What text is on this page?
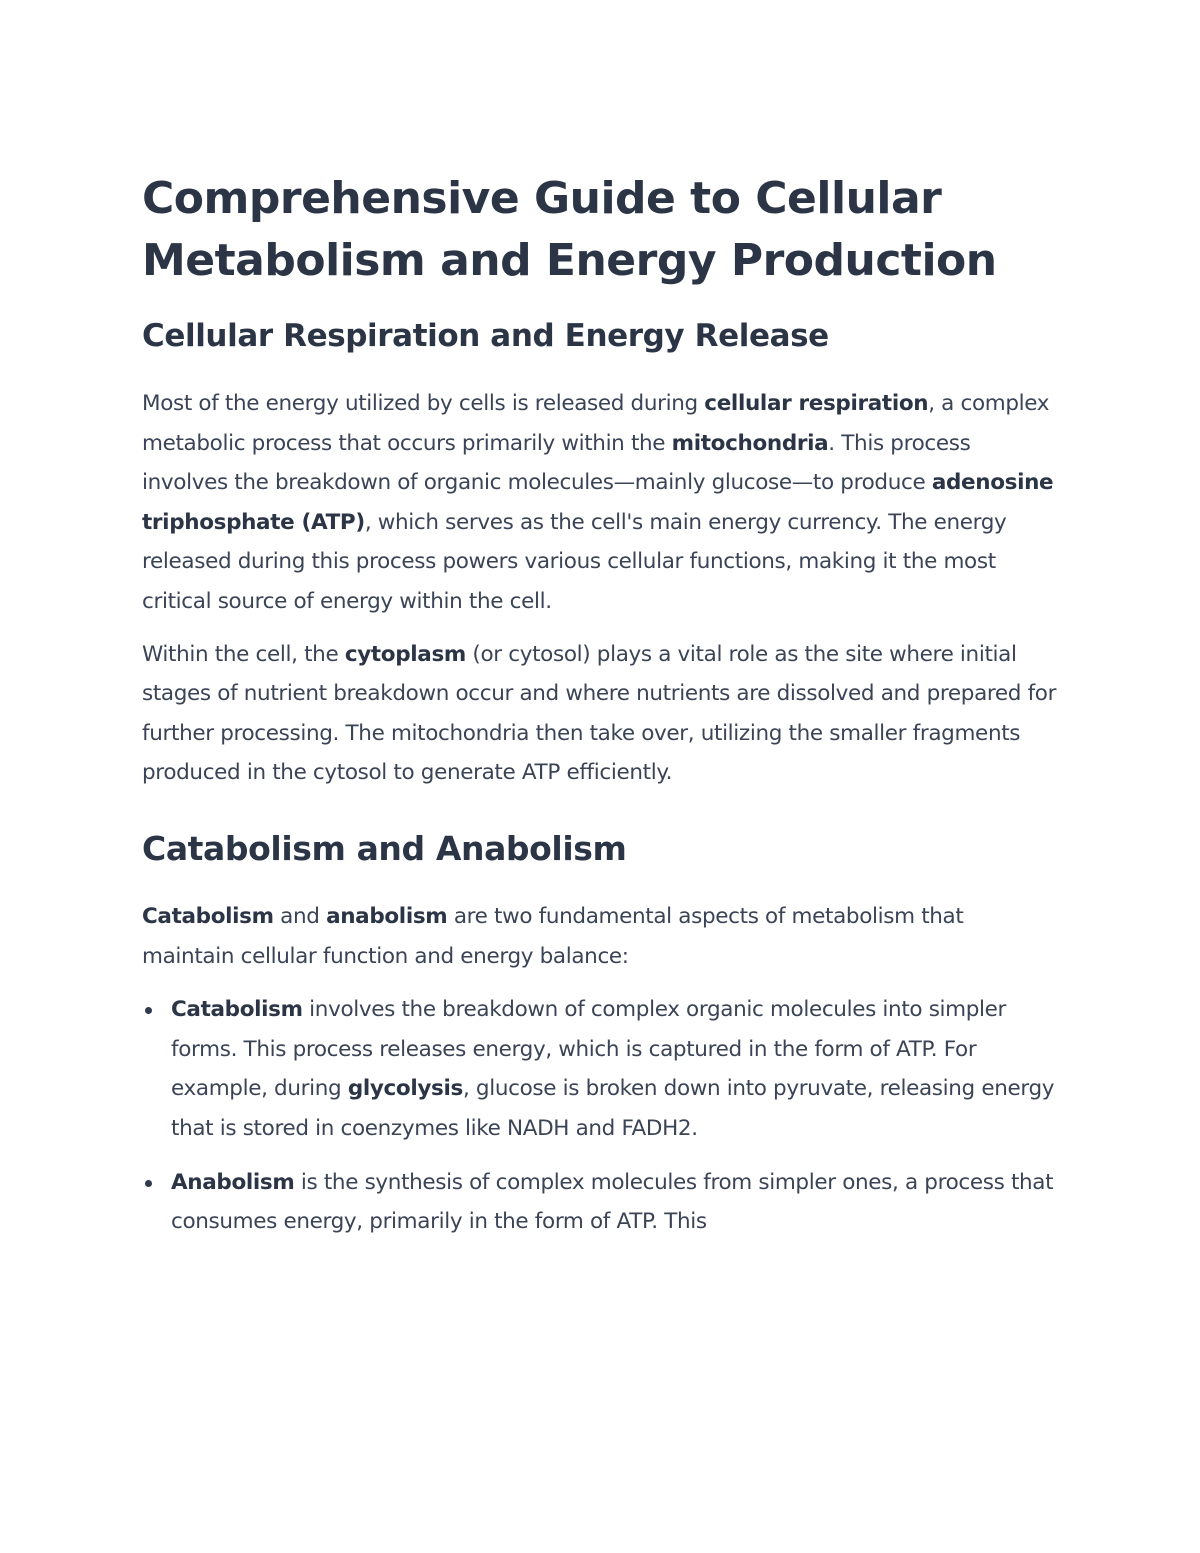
Comprehensive Guide to Cellular Metabolism and Energy Production
Cellular Respiration and Energy Release

Most of the energy utilized by cells is released during cellular respiration, a complex metabolic process that occurs primarily within the mitochondria. This process involves the breakdown of organic molecules—mainly glucose—to produce adenosine triphosphate (ATP), which serves as the cell's main energy currency. The energy released during this process powers various cellular functions, making it the most critical source of energy within the cell.

Within the cell, the cytoplasm (or cytosol) plays a vital role as the site where initial stages of nutrient breakdown occur and where nutrients are dissolved and prepared for further processing. The mitochondria then take over, utilizing the smaller fragments produced in the cytosol to generate ATP efficiently.

Catabolism and Anabolism

Catabolism and anabolism are two fundamental aspects of metabolism that maintain cellular function and energy balance:

Catabolism involves the breakdown of complex organic molecules into simpler forms. This process releases energy, which is captured in the form of ATP. For example, during glycolysis, glucose is broken down into pyruvate, releasing energy that is stored in coenzymes like NADH and FADH2.
Anabolism is the synthesis of complex molecules from simpler ones, a process that consumes energy, primarily in the form of ATP. This
